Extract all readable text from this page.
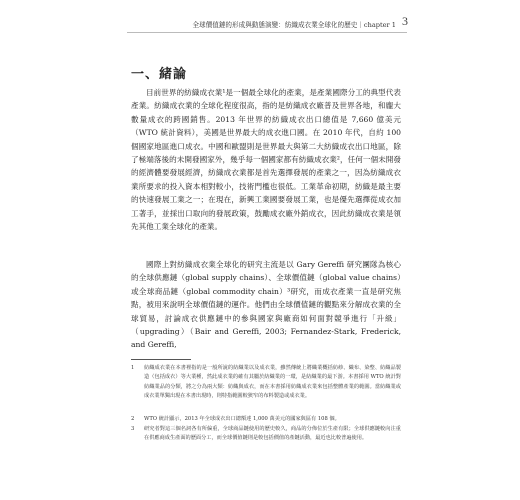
全球價值鏈的形成與動態演變：紡織成衣業全球化的歷史｜chapter 1 3
一、緒論

目前世界的紡織成衣業¹是一個最全球化的產業，是產業國際分工的典型代表產業。紡織成衣業的全球化程度很高，指的是紡織成衣廠普及世界各地，和龐大數量成衣的跨國銷售。2013 年世界的紡織成衣出口總值是 7,660 億美元（WTO 統計資料），美國是世界最大的成衣進口國。在 2010 年代，自約 100 個國家地區進口成衣。中國和歐盟則是世界最大與第二大紡織成衣出口地區，除了極端落後的未開發國家外，幾乎每一個國家都有紡織成衣業²，任何一個未開發的經濟體要發展經濟，紡織成衣業都是首先選擇發展的產業之一，因為紡織成衣業所要求的投入資本相對較小，技術門檻也很低。工業革命初期，紡織是最主要的快速發展工業之一；在現在，新興工業國要發展工業，也是優先選擇從成衣加工著手，並採出口取向的發展政策，鼓勵成衣廠外銷成衣，因此紡織成衣業是領先其他工業全球化的產業。

國際上對紡織成衣業全球化的研究主流是以 Gary Gereffi 研究團隊為核心的全球供應鏈（global supply chains）、全球價值鏈（global value chains）或全球商品鏈（global commodity chain）³研究，而成衣產業一直是研究焦點，被用來說明全球價值鏈的運作。他們由全球價值鏈的觀點來分解成衣業的全球貿易，討論成衣供應鏈中的參與國家與廠商如何面對競爭進行「升級」（upgrading）（Bair and Gereffi, 2003; Fernandez-Stark, Frederick, and Gereffi,

1 紡織成衣業在本書裡指的是一般所說的紡織業以及成衣業，雖然傳統上將織業概括紡紗、織布、染整、紡織品製造（包括成衣）等大業種，然此成衣業的確有其屬於紡織業的一環，是紡織業的最下游。本書採用 WTO 統計對紡織業品的分類，將之分為兩大類：紡織與成衣，而在本書採用紡織成衣業來包括整體產業的範圍。當紡織業或成衣業單獨出現在本書出現時，則特指範圍較狹窄的布料製造或成衣業。
2 WTO 統計顯示，2013 年全球成衣出口總額達 1,000 萬美元的國家與區有 108 個。
3 研究者對這三個名詞各有所偏重，全球商品鏈使用的歷史較久，商品的分佈位於生產有限；全球供應鏈較向注重在供應商成生產面的歷面分工，而全球價值鏈則是較包括價值的產鏈活動，最近也比較普遍使用。
